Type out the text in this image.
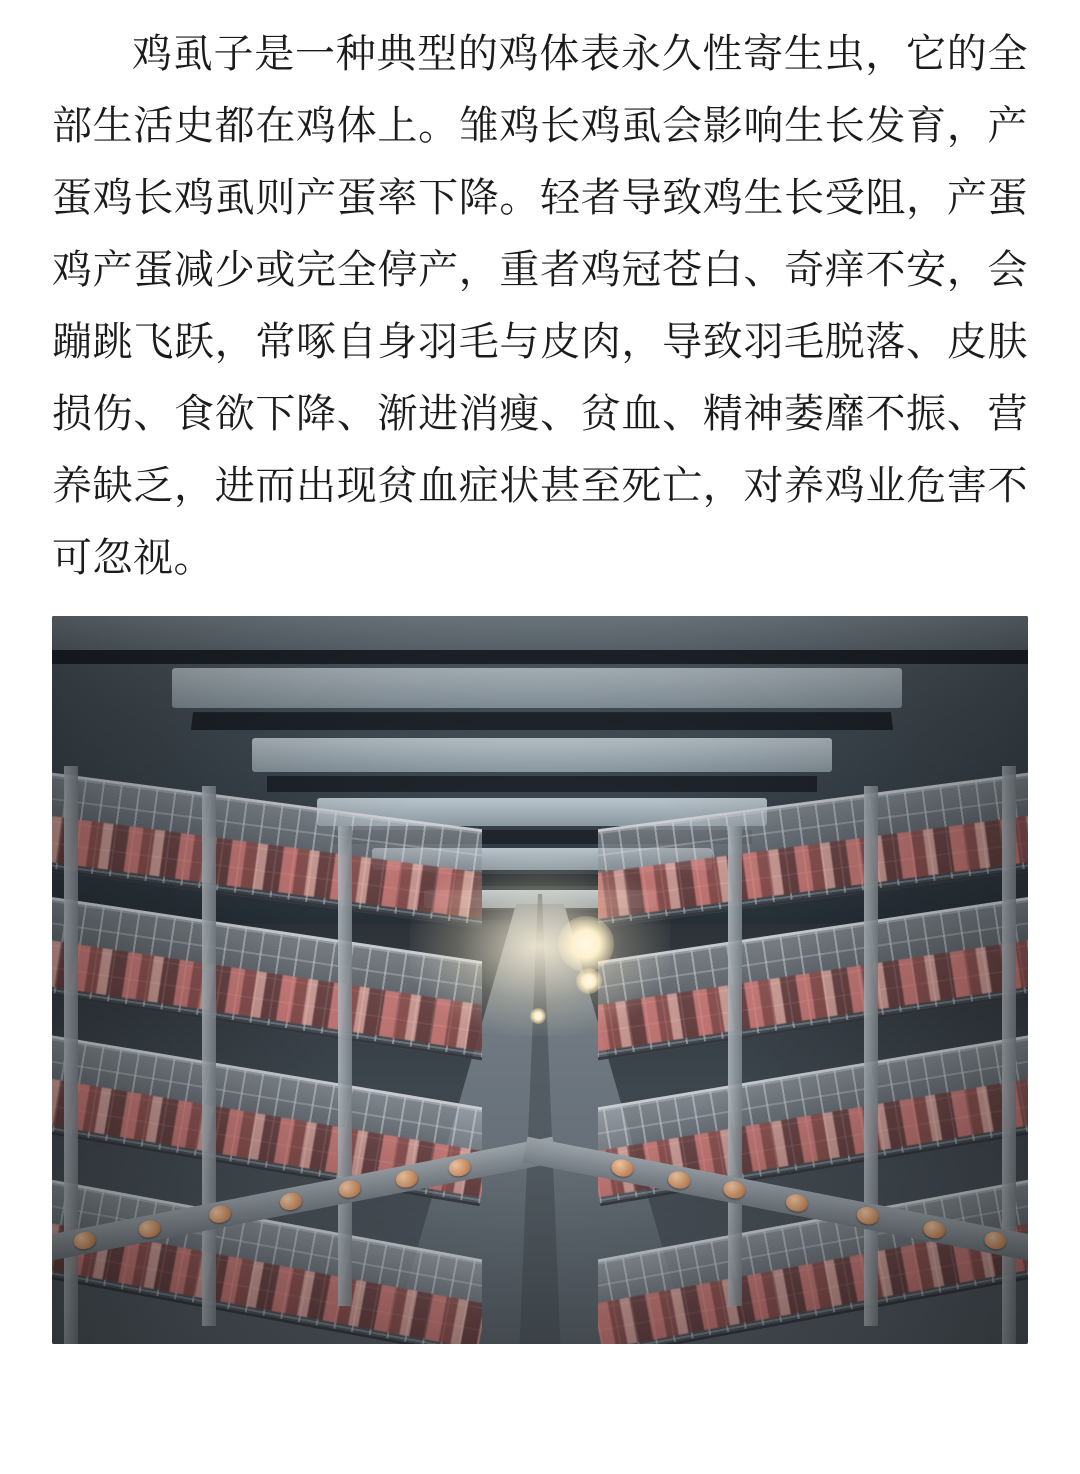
鸡虱子是一种典型的鸡体表永久性寄生虫，它的全部生活史都在鸡体上。雏鸡长鸡虱会影响生长发育，产蛋鸡长鸡虱则产蛋率下降。轻者导致鸡生长受阻，产蛋鸡产蛋减少或完全停产，重者鸡冠苍白、奇痒不安，会蹦跳飞跃，常啄自身羽毛与皮肉，导致羽毛脱落、皮肤损伤、食欲下降、渐进消瘦、贫血、精神萎靡不振、营养缺乏，进而出现贫血症状甚至死亡，对养鸡业危害不可忽视。
